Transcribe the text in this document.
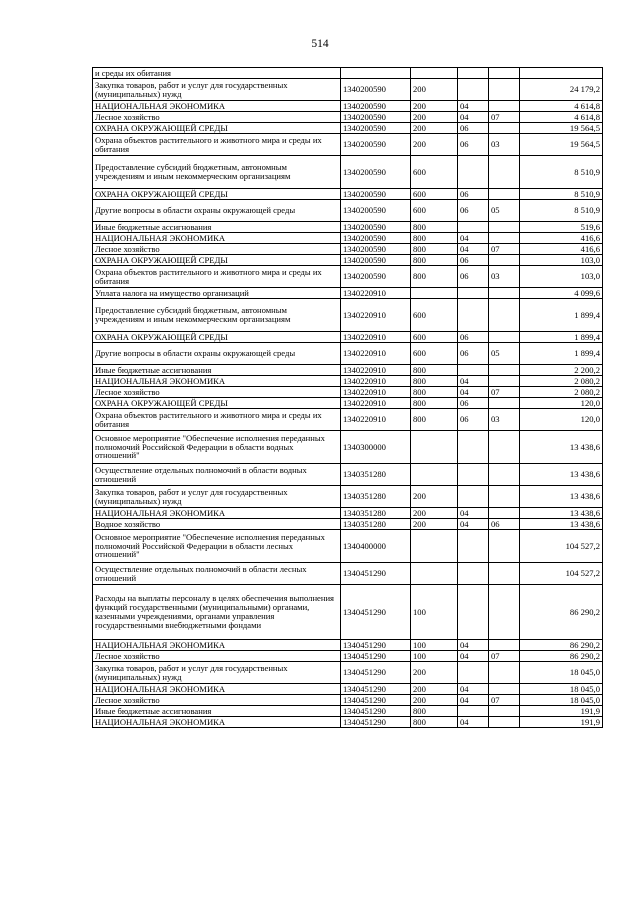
514
и среды их обитания					
Закупка товаров, работ и услуг для государственных (муниципальных) нужд	1340200590	200			24 179,2
НАЦИОНАЛЬНАЯ ЭКОНОМИКА	1340200590	200	04		4 614,8
Лесное хозяйство	1340200590	200	04	07	4 614,8
ОХРАНА ОКРУЖАЮЩЕЙ СРЕДЫ	1340200590	200	06		19 564,5
Охрана объектов растительного и животного мира и среды их обитания	1340200590	200	06	03	19 564,5
Предоставление субсидий бюджетным, автономным учреждениям и иным некоммерческим организациям	1340200590	600			8 510,9
ОХРАНА ОКРУЖАЮЩЕЙ СРЕДЫ	1340200590	600	06		8 510,9
Другие вопросы в области охраны окружающей среды	1340200590	600	06	05	8 510,9
Иные бюджетные ассигнования	1340200590	800			519,6
НАЦИОНАЛЬНАЯ ЭКОНОМИКА	1340200590	800	04		416,6
Лесное хозяйство	1340200590	800	04	07	416,6
ОХРАНА ОКРУЖАЮЩЕЙ СРЕДЫ	1340200590	800	06		103,0
Охрана объектов растительного и животного мира и среды их обитания	1340200590	800	06	03	103,0
Уплата налога на имущество организаций	1340220910				4 099,6
Предоставление субсидий бюджетным, автономным учреждениям и иным некоммерческим организациям	1340220910	600			1 899,4
ОХРАНА ОКРУЖАЮЩЕЙ СРЕДЫ	1340220910	600	06		1 899,4
Другие вопросы в области охраны окружающей среды	1340220910	600	06	05	1 899,4
Иные бюджетные ассигнования	1340220910	800			2 200,2
НАЦИОНАЛЬНАЯ ЭКОНОМИКА	1340220910	800	04		2 080,2
Лесное хозяйство	1340220910	800	04	07	2 080,2
ОХРАНА ОКРУЖАЮЩЕЙ СРЕДЫ	1340220910	800	06		120,0
Охрана объектов растительного и животного мира и среды их обитания	1340220910	800	06	03	120,0
Основное мероприятие "Обеспечение исполнения переданных полномочий Российской Федерации в области водных отношений"	1340300000				13 438,6
Осуществление отдельных полномочий в области водных отношений	1340351280				13 438,6
Закупка товаров, работ и услуг для государственных (муниципальных) нужд	1340351280	200			13 438,6
НАЦИОНАЛЬНАЯ ЭКОНОМИКА	1340351280	200	04		13 438,6
Водное хозяйство	1340351280	200	04	06	13 438,6
Основное мероприятие "Обеспечение исполнения переданных полномочий Российской Федерации в области лесных отношений"	1340400000				104 527,2
Осуществление отдельных полномочий в области лесных отношений	1340451290				104 527,2
Расходы на выплаты персоналу в целях обеспечения выполнения функций государственными (муниципальными) органами, казенными учреждениями, органами управления государственными внебюджетными фондами	1340451290	100			86 290,2
НАЦИОНАЛЬНАЯ ЭКОНОМИКА	1340451290	100	04		86 290,2
Лесное хозяйство	1340451290	100	04	07	86 290,2
Закупка товаров, работ и услуг для государственных (муниципальных) нужд	1340451290	200			18 045,0
НАЦИОНАЛЬНАЯ ЭКОНОМИКА	1340451290	200	04		18 045,0
Лесное хозяйство	1340451290	200	04	07	18 045,0
Иные бюджетные ассигнования	1340451290	800			191,9
НАЦИОНАЛЬНАЯ ЭКОНОМИКА	1340451290	800	04		191,9
